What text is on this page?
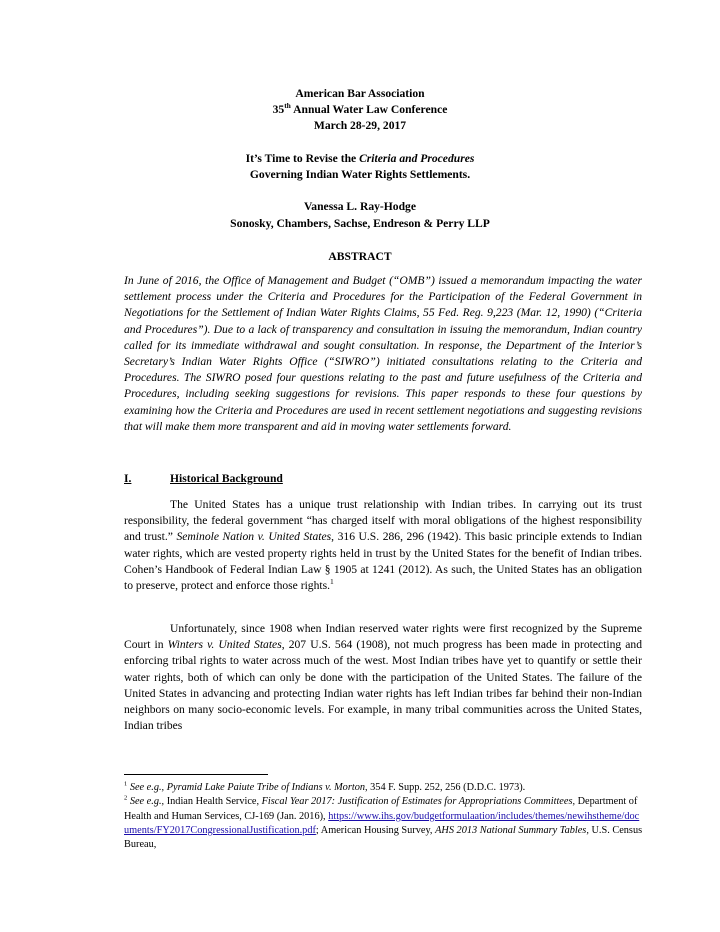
American Bar Association
35th Annual Water Law Conference
March 28-29, 2017
It’s Time to Revise the Criteria and Procedures
Governing Indian Water Rights Settlements.
Vanessa L. Ray-Hodge
Sonosky, Chambers, Sachse, Endreson & Perry LLP
ABSTRACT
In June of 2016, the Office of Management and Budget (“OMB”) issued a memorandum impacting the water settlement process under the Criteria and Procedures for the Participation of the Federal Government in Negotiations for the Settlement of Indian Water Rights Claims, 55 Fed. Reg. 9,223 (Mar. 12, 1990) (“Criteria and Procedures”). Due to a lack of transparency and consultation in issuing the memorandum, Indian country called for its immediate withdrawal and sought consultation. In response, the Department of the Interior’s Secretary’s Indian Water Rights Office (“SIWRO”) initiated consultations relating to the Criteria and Procedures. The SIWRO posed four questions relating to the past and future usefulness of the Criteria and Procedures, including seeking suggestions for revisions. This paper responds to these four questions by examining how the Criteria and Procedures are used in recent settlement negotiations and suggesting revisions that will make them more transparent and aid in moving water settlements forward.
I.	Historical Background
The United States has a unique trust relationship with Indian tribes. In carrying out its trust responsibility, the federal government “has charged itself with moral obligations of the highest responsibility and trust.” Seminole Nation v. United States, 316 U.S. 286, 296 (1942). This basic principle extends to Indian water rights, which are vested property rights held in trust by the United States for the benefit of Indian tribes. Cohen’s Handbook of Federal Indian Law § 1905 at 1241 (2012). As such, the United States has an obligation to preserve, protect and enforce those rights.$^1$
Unfortunately, since 1908 when Indian reserved water rights were first recognized by the Supreme Court in Winters v. United States, 207 U.S. 564 (1908), not much progress has been made in protecting and enforcing tribal rights to water across much of the west. Most Indian tribes have yet to quantify or settle their water rights, both of which can only be done with the participation of the United States. The failure of the United States in advancing and protecting Indian water rights has left Indian tribes far behind their non-Indian neighbors on many socio-economic levels. For example, in many tribal communities across the United States, Indian tribes
$^1$ See e.g., Pyramid Lake Paiute Tribe of Indians v. Morton, 354 F. Supp. 252, 256 (D.D.C. 1973).
$^2$ See e.g., Indian Health Service, Fiscal Year 2017: Justification of Estimates for Appropriations Committees, Department of Health and Human Services, CJ-169 (Jan. 2016), https://www.ihs.gov/budgetformulaation/includes/themes/newihstheme/documents/FY2017CongressionalJustification.pdf; American Housing Survey, AHS 2013 National Summary Tables, U.S. Census Bureau,
